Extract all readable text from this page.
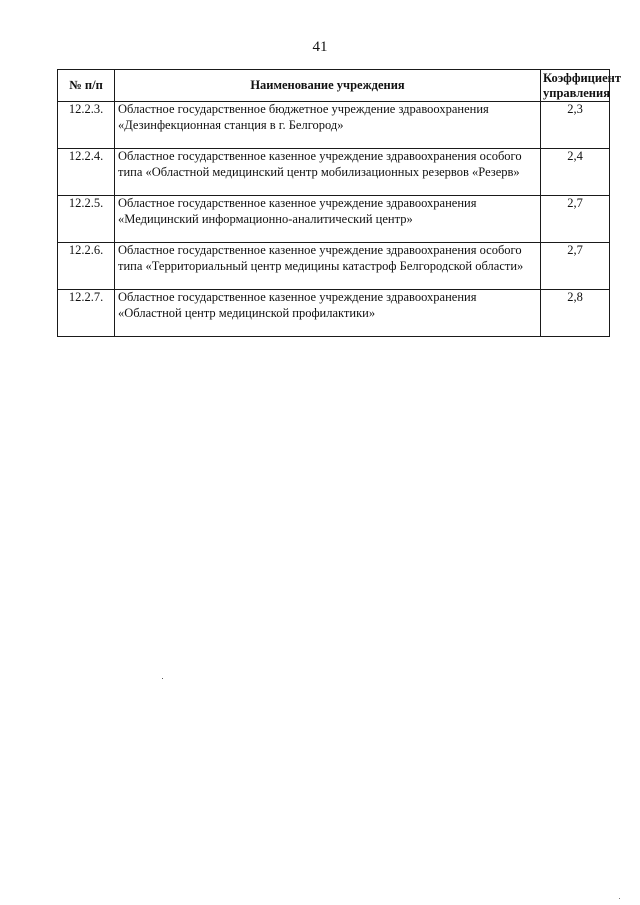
41
№ п/п	Наименование учреждения	Коэффициент управления
12.2.3.	Областное государственное бюджетное учреждение здравоохранения «Дезинфекционная станция в г. Белгород»	2,3
12.2.4.	Областное государственное казенное учреждение здравоохранения особого типа «Областной медицинский центр мобилизационных резервов «Резерв»	2,4
12.2.5.	Областное государственное казенное учреждение здравоохранения «Медицинский информационно-аналитический центр»	2,7
12.2.6.	Областное государственное казенное учреждение здравоохранения особого типа «Территориальный центр медицины катастроф Белгородской области»	2,7
12.2.7.	Областное государственное казенное учреждение здравоохранения «Областной центр медицинской профилактики»	2,8
